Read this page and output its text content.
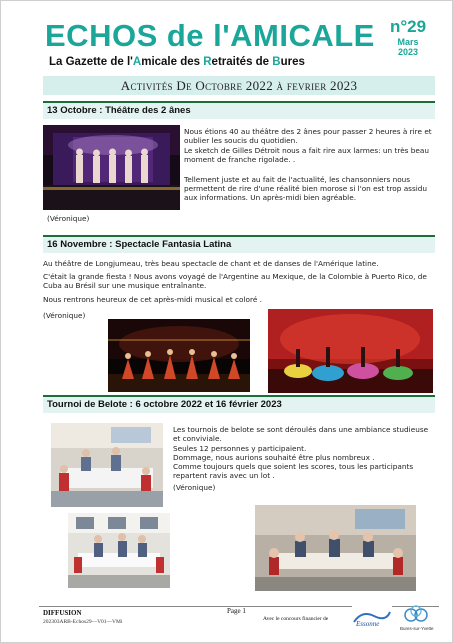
ECHOS de l'AMICALE
La Gazette de l'Amicale des Retraités de Bures
n°29
Mars
2023
Activités De Octobre 2022 à fevrier 2023
13 Octobre : Théâtre des 2 ânes
Nous étions 40 au théâtre des 2 ânes pour passer 2 heures à rire et oublier les soucis du quotidien.
Le sketch de Gilles Détroit nous a fait rire aux larmes: un très beau moment de franche rigolade. .
Tellement juste et au fait de l'actualité, les chansonniers nous permettent de rire d'une réalité bien morose si l'on est trop assidu aux informations. Un après-midi bien agréable.
(Véronique)
16 Novembre : Spectacle Fantasia Latina
Au théâtre de Longjumeau, très beau spectacle de chant et de danses de l'Amérique latine.
C'était la grande fiesta ! Nous avons voyagé de l'Argentine au Mexique, de la Colombie à Puerto Rico, de Cuba au Brésil sur une musique entraînante.
Nous rentrons heureux de cet après-midi musical et coloré .
(Véronique)
Tournoi de Belote : 6 octobre 2022 et 16 février 2023
Les tournois de belote se sont déroulés dans une ambiance studieuse et conviviale.
Seules 12 personnes y participaient.
Dommage, nous aurions souhaité être plus nombreux .
Comme toujours quels que soient les scores, tous les participants repartent ravis avec un lot .
(Véronique)
DIFFUSION
202303ARB-Echos29—V01—VMi
Page 1
Avec le concours financier de
Essonne
Bures-sur-Yvette
